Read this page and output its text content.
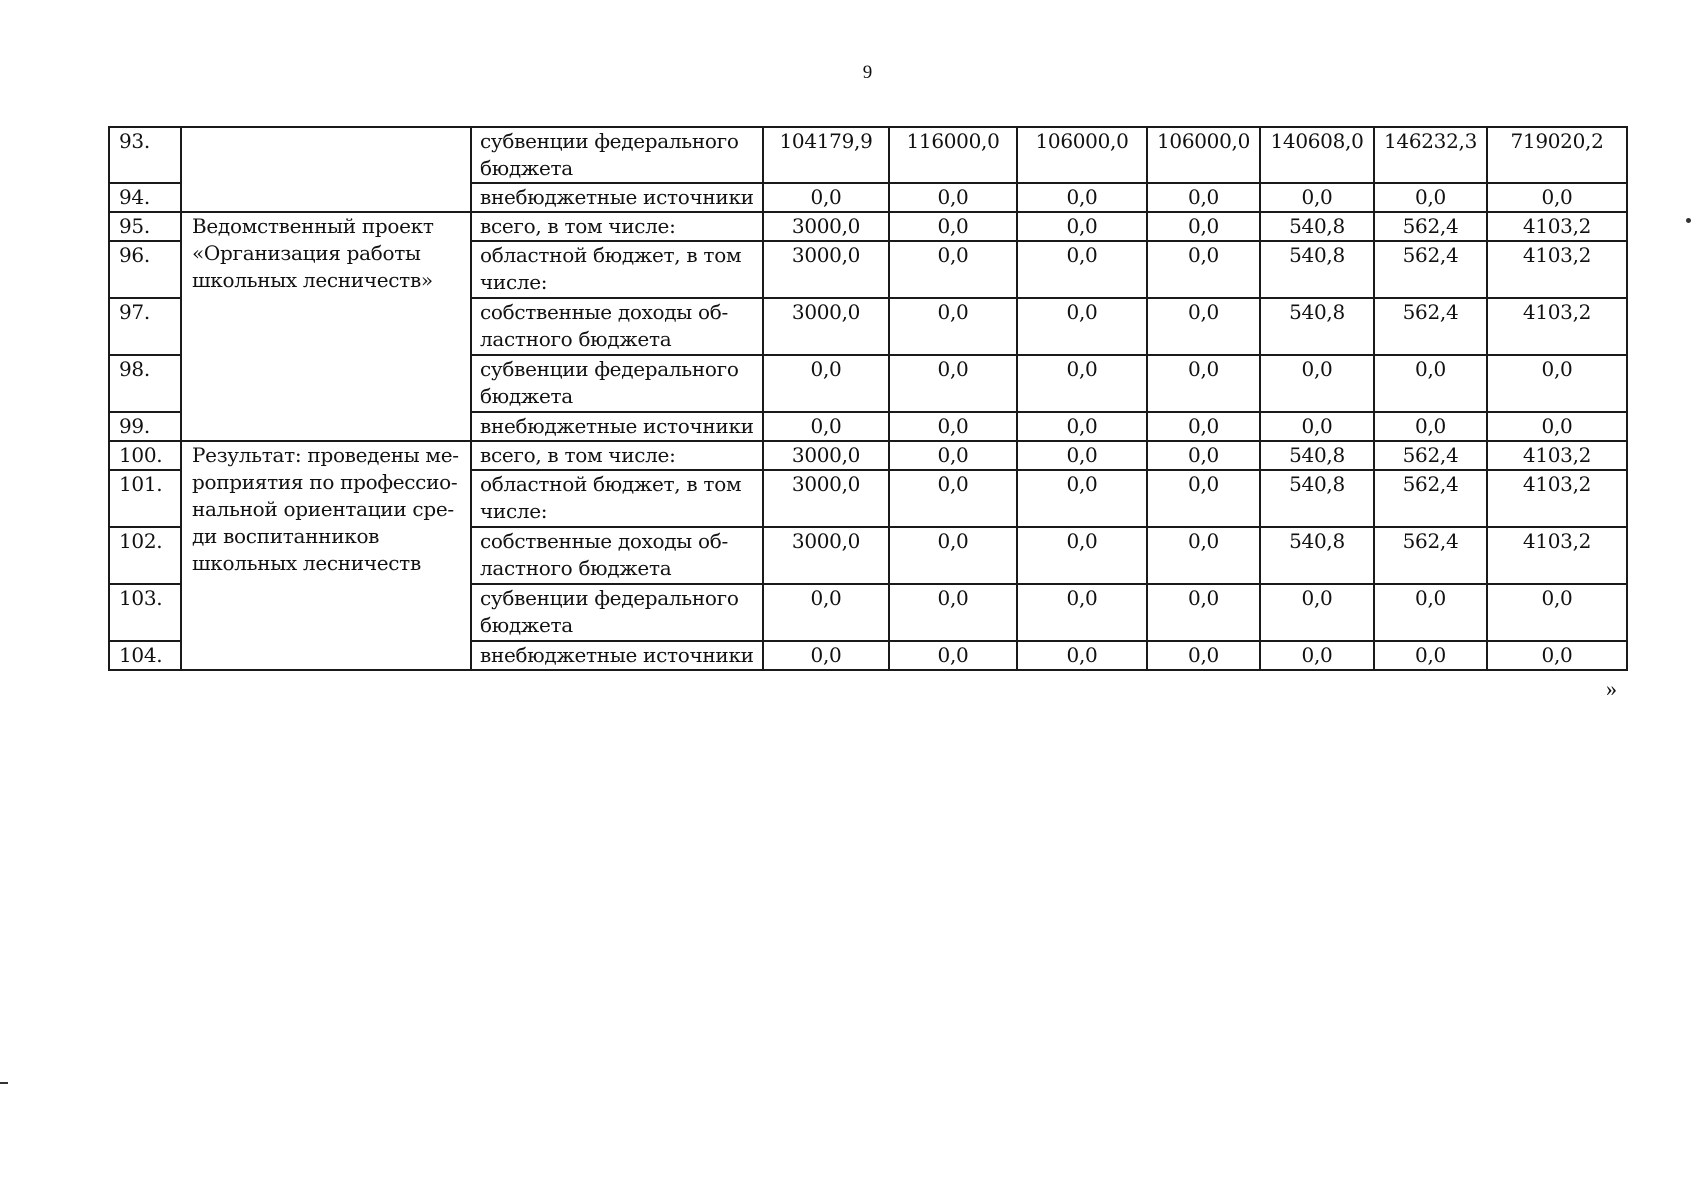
9
93.		субвенции федерального бюджета	104179,9	116000,0	106000,0	106000,0	140608,0	146232,3	719020,2
94.		внебюджетные источники	0,0	0,0	0,0	0,0	0,0	0,0	0,0
95.	Ведомственный проект «Организация работы школьных лесничеств»	всего, в том числе:	3000,0	0,0	0,0	0,0	540,8	562,4	4103,2
96.		областной бюджет, в том числе:	3000,0	0,0	0,0	0,0	540,8	562,4	4103,2
97.		собственные доходы об-ластного бюджета	3000,0	0,0	0,0	0,0	540,8	562,4	4103,2
98.		субвенции федерального бюджета	0,0	0,0	0,0	0,0	0,0	0,0	0,0
99.		внебюджетные источники	0,0	0,0	0,0	0,0	0,0	0,0	0,0
100.	Результат: проведены ме-роприятия по профессио-нальной ориентации сре-ди воспитанников школьных лесничеств	всего, в том числе:	3000,0	0,0	0,0	0,0	540,8	562,4	4103,2
101.		областной бюджет, в том числе:	3000,0	0,0	0,0	0,0	540,8	562,4	4103,2
102.		собственные доходы об-ластного бюджета	3000,0	0,0	0,0	0,0	540,8	562,4	4103,2
103.		субвенции федерального бюджета	0,0	0,0	0,0	0,0	0,0	0,0	0,0
104.		внебюджетные источники	0,0	0,0	0,0	0,0	0,0	0,0	0,0
»
